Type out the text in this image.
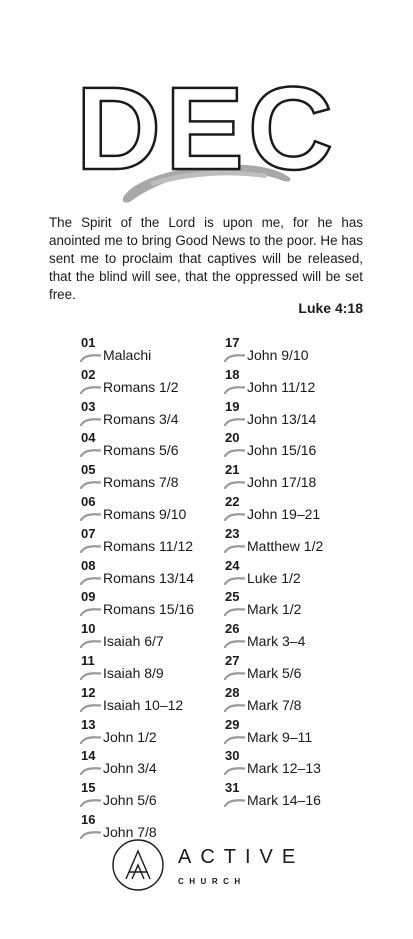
DEC

The Spirit of the Lord is upon me, for he has anointed me to bring Good News to the poor. He has sent me to proclaim that captives will be released, that the blind will see, that the oppressed will be set free.

Luke 4:18
01
Malachi
02
Romans 1/2
03
Romans 3/4
04
Romans 5/6
05
Romans 7/8
06
Romans 9/10
07
Romans 11/12
08
Romans 13/14
09
Romans 15/16
10
Isaiah 6/7
11
Isaiah 8/9
12
Isaiah 10–12
13
John 1/2
14
John 3/4
15
John 5/6
16
John 7/8
17
John 9/10
18
John 11/12
19
John 13/14
20
John 15/16
21
John 17/18
22
John 19–21
23
Matthew 1/2
24
Luke 1/2
25
Mark 1/2
26
Mark 3–4
27
Mark 5/6
28
Mark 7/8
29
Mark 9–11
30
Mark 12–13
31
Mark 14–16
ACTIVE
CHURCH
